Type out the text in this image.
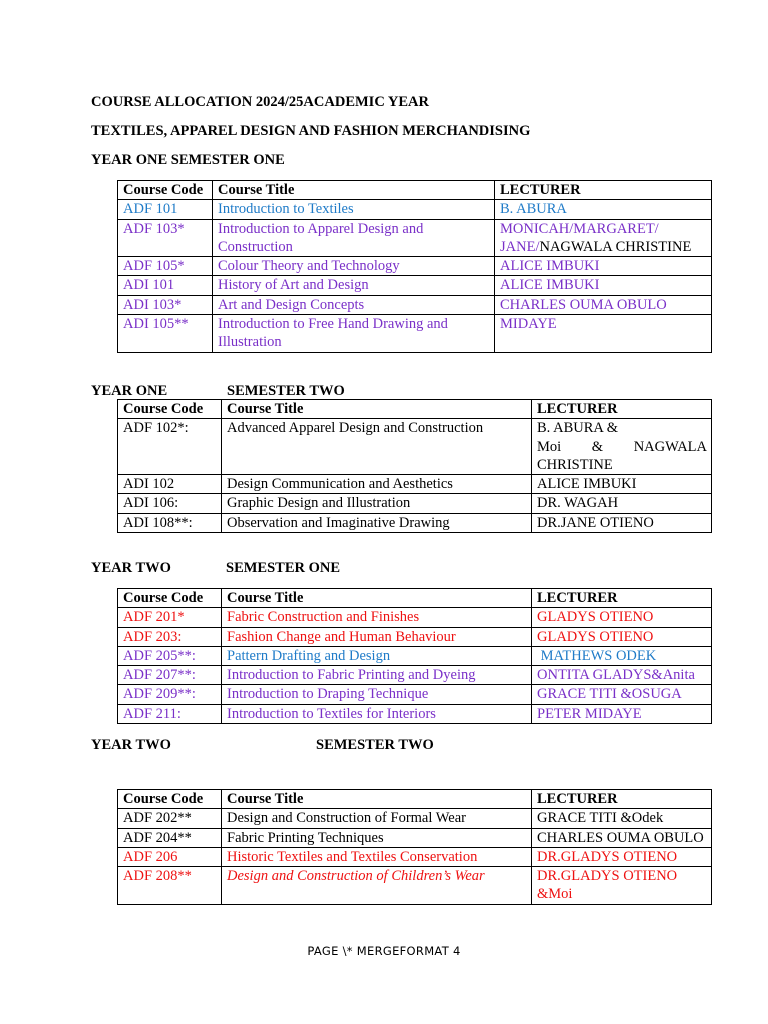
COURSE ALLOCATION 2024/25ACADEMIC YEAR
TEXTILES, APPAREL DESIGN AND FASHION MERCHANDISING
YEAR ONE SEMESTER ONE
Course Code	Course Title	LECTURER
ADF 101	Introduction to Textiles	B. ABURA
ADF 103*	Introduction to Apparel Design and Construction	MONICAH/MARGARET/ JANE/NAGWALA CHRISTINE
ADF 105*	Colour Theory and Technology	ALICE IMBUKI
ADI 101	History of Art and Design	ALICE IMBUKI
ADI 103*	Art and Design Concepts	CHARLES OUMA OBULO
ADI 105**	Introduction to Free Hand Drawing and Illustration	MIDAYE
YEAR ONE	SEMESTER TWO
Course Code	Course Title	LECTURER
ADF 102*:	Advanced Apparel Design and Construction	B. ABURA &
Moi & NAGWALA
CHRISTINE

ADI 102	Design Communication and Aesthetics	ALICE IMBUKI
ADI 106:	Graphic Design and Illustration	DR. WAGAH
ADI 108**:	Observation and Imaginative Drawing	DR.JANE OTIENO
YEAR TWO	SEMESTER ONE
Course Code	Course Title	LECTURER
ADF 201*	Fabric Construction and Finishes	GLADYS OTIENO
ADF 203:	Fashion Change and Human Behaviour	GLADYS OTIENO
ADF 205**:	Pattern Drafting and Design	MATHEWS ODEK
ADF 207**:	Introduction to Fabric Printing and Dyeing	ONTITA GLADYS&Anita
ADF 209**:	Introduction to Draping Technique	GRACE TITI &OSUGA
ADF 211:	Introduction to Textiles for Interiors	PETER MIDAYE
YEAR TWO	SEMESTER TWO
Course Code	Course Title	LECTURER
ADF 202**	Design and Construction of Formal Wear	GRACE TITI &Odek
ADF 204**	Fabric Printing Techniques	CHARLES OUMA OBULO
ADF 206	Historic Textiles and Textiles Conservation	DR.GLADYS OTIENO
ADF 208**	Design and Construction of Children’s Wear	DR.GLADYS OTIENO &Moi
PAGE \* MERGEFORMAT 4
